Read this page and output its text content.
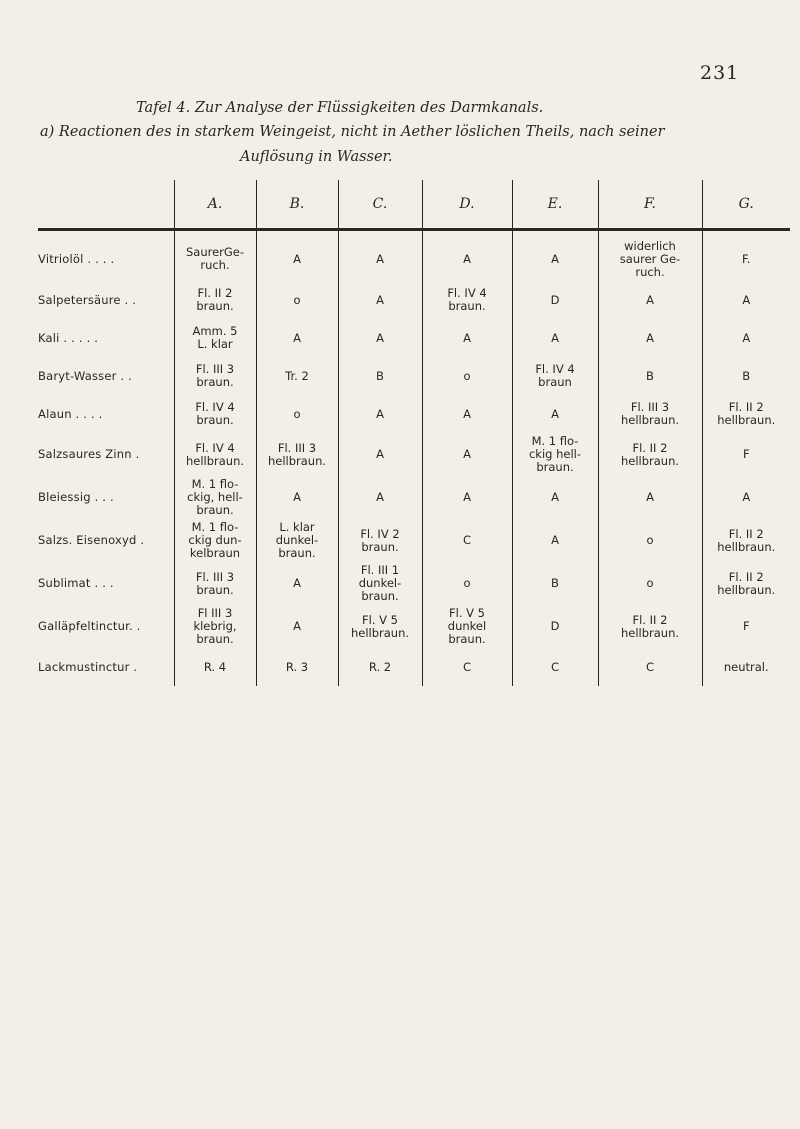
231
Tafel 4. Zur Analyse der Flüssigkeiten des Darmkanals.
a) Reactionen des in starkem Weingeist, nicht in Aether löslichen Theils, nach seiner
Auflösung in Wasser.
	A.	B.	C.	D.	E.	F.	G.
Vitriolöl . . . .	SaurerGe-
ruch.	A	A	A	A	widerlich
saurer Ge-
ruch.	F.
Salpetersäure . .	Fl. II 2
braun.	o	A	Fl. IV 4
braun.	D	A	A
Kali . . . . .	Amm. 5
L. klar	A	A	A	A	A	A
Baryt-Wasser . .	Fl. III 3
braun.	Tr. 2	B	o	Fl. IV 4
braun	B	B
Alaun . . . .	Fl. IV 4
braun.	o	A	A	A	Fl. III 3
hellbraun.	Fl. II 2
hellbraun.
Salzsaures Zinn .	Fl. IV 4
hellbraun.	Fl. III 3
hellbraun.	A	A	M. 1 flo-
ckig hell-
braun.	Fl. II 2
hellbraun.	F
Bleiessig . . .	M. 1 flo-
ckig, hell-
braun.	A	A	A	A	A	A
Salzs. Eisenoxyd .	M. 1 flo-
ckig dun-
kelbraun	L. klar
dunkel-
braun.	Fl. IV 2
braun.	C	A	o	Fl. II 2
hellbraun.
Sublimat . . .	Fl. III 3
braun.	A	Fl. III 1
dunkel-
braun.	o	B	o	Fl. II 2
hellbraun.
Galläpfeltinctur. .	Fl III 3
klebrig,
braun.	A	Fl. V 5
hellbraun.	Fl. V 5
dunkel
braun.	D	Fl. II 2
hellbraun.	F
Lackmustinctur .	R. 4	R. 3	R. 2	C	C	C	neutral.
